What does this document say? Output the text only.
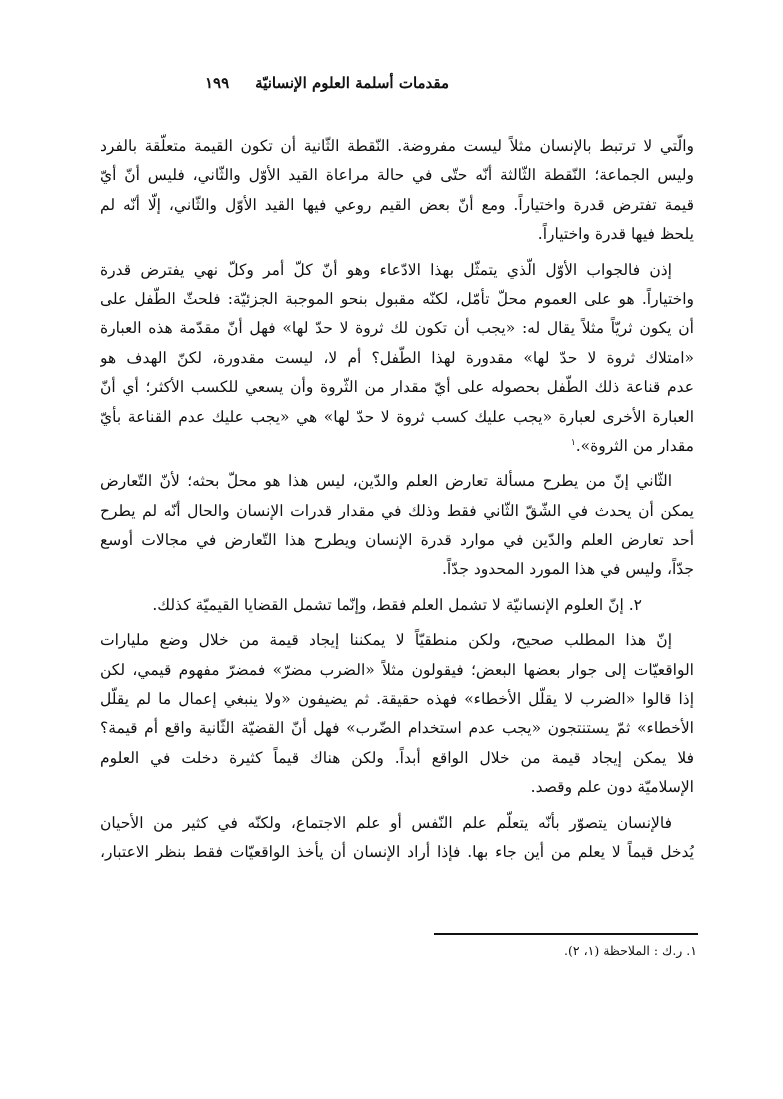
مقدمات أسلمة العلوم الإنسانيّة
١٩٩

والّتي لا ترتبط بالإنسان مثلاً ليست مفروضة. النّقطة الثّانية أن تكون القيمة متعلّقة بالفرد
وليس الجماعة؛ النّقطة الثّالثة أنّه حتّى في حالة مراعاة القيد الأوّل والثّاني، فليس أنّ أيّ
قيمة تفترض قدرة واختياراً. ومع أنّ بعض القيم روعي فيها القيد الأوّل والثّاني، إلّا أنّه لم
يلحظ فيها قدرة واختياراً.

إذن فالجواب الأوّل الّذي يتمثّل بهذا الادّعاء وهو أنّ كلّ أمر وكلّ نهي يفترض قدرة
واختياراً. هو على العموم محلّ تأمّل، لكنّه مقبول بنحو الموجبة الجزئيّة: فلحثّ الطّفل على
أن يكون ثريّاً مثلاً يقال له: «يجب أن تكون لك ثروة لا حدّ لها» فهل أنّ مقدّمة هذه العبارة
«امتلاك ثروة لا حدّ لها» مقدورة لهذا الطّفل؟ أم لا، ليست مقدورة، لكنّ الهدف هو
عدم قناعة ذلك الطّفل بحصوله على أيّ مقدار من الثّروة وأن يسعي للكسب الأكثر؛ أي أنّ
العبارة الأخرى لعبارة «يجب عليك كسب ثروة لا حدّ لها» هي «يجب عليك عدم القناعة بأيّ
مقدار من الثروة».$^١$

الثّاني إنّ من يطرح مسألة تعارض العلم والدّين، ليس هذا هو محلّ بحثه؛ لأنّ التّعارض
يمكن أن يحدث في الشّقّ الثّاني فقط وذلك في مقدار قدرات الإنسان والحال أنّه لم يطرح
أحد تعارض العلم والدّين في موارد قدرة الإنسان ويطرح هذا التّعارض في مجالات أوسع
جدّاً، وليس في هذا المورد المحدود جدّاً.

٢. إنّ العلوم الإنسانيّة لا تشمل العلم فقط، وإنّما تشمل القضايا القيميّة كذلك.

إنّ هذا المطلب صحيح، ولكن منطقيّاً لا يمكننا إيجاد قيمة من خلال وضع مليارات
الواقعيّات إلى جوار بعضها البعض؛ فيقولون مثلاً «الضرب مضرّ» فمضرّ مفهوم قيمي، لكن
إذا قالوا «الضرب لا يقلّل الأخطاء» فهذه حقيقة. ثم يضيفون «ولا ينبغي إعمال ما لم يقلّل
الأخطاء» ثمّ يستنتجون «يجب عدم استخدام الضّرب» فهل أنّ القضيّة الثّانية واقع أم قيمة؟
فلا يمكن إيجاد قيمة من خلال الواقع أبداً. ولكن هناك قيماً كثيرة دخلت في العلوم
الإسلاميّة دون علم وقصد.

فالإنسان يتصوّر بأنّه يتعلّم علم النّفس أو علم الاجتماع، ولكنّه في كثير من الأحيان
يُدخل قيماً لا يعلم من أين جاء بها. فإذا أراد الإنسان أن يأخذ الواقعيّات فقط بنظر الاعتبار،

١. ر.ك : الملاحظة (١، ٢).
